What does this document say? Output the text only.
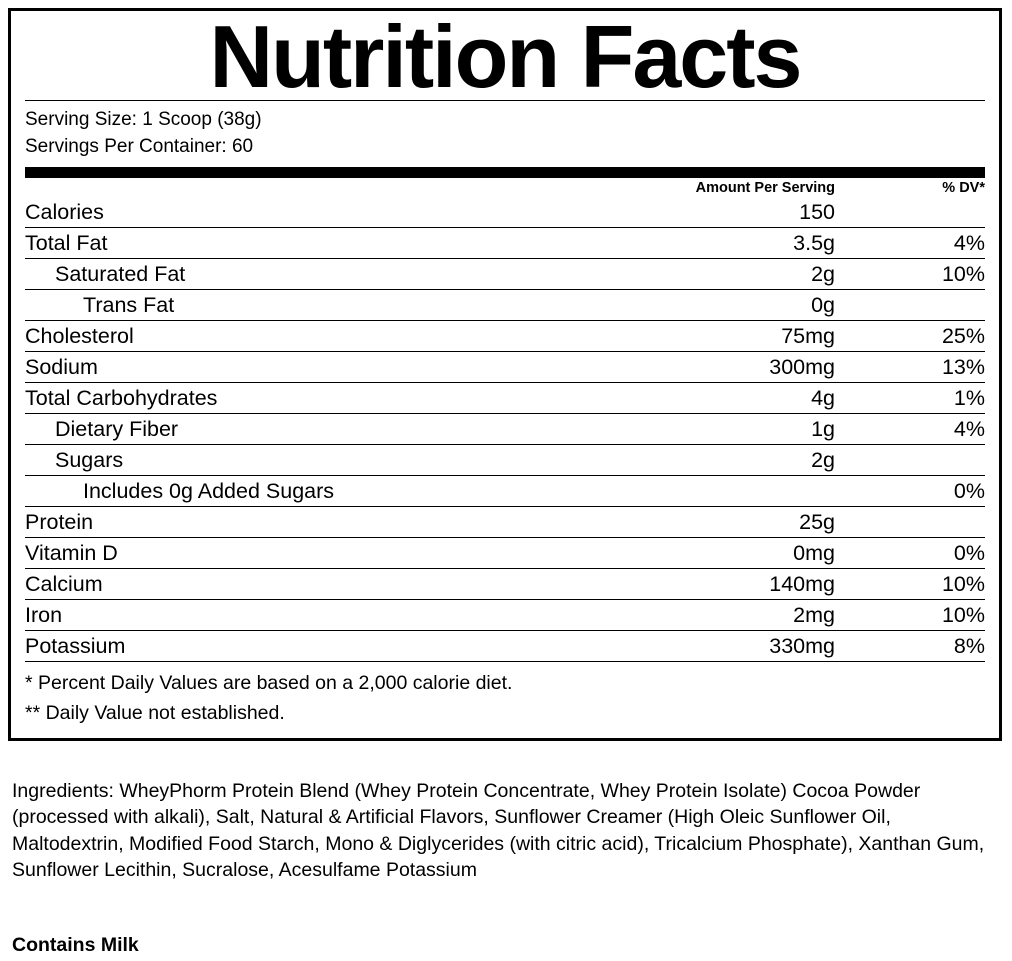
Nutrition Facts
Serving Size: 1 Scoop (38g)
Servings Per Container: 60
	Amount Per Serving	% DV*
Calories	150	
Total Fat	3.5g	4%
Saturated Fat	2g	10%
Trans Fat	0g	
Cholesterol	75mg	25%
Sodium	300mg	13%
Total Carbohydrates	4g	1%
Dietary Fiber	1g	4%
Sugars	2g	
Includes 0g Added Sugars		0%
Protein	25g	
Vitamin D	0mg	0%
Calcium	140mg	10%
Iron	2mg	10%
Potassium	330mg	8%
* Percent Daily Values are based on a 2,000 calorie diet.
** Daily Value not established.
Ingredients: WheyPhorm Protein Blend (Whey Protein Concentrate, Whey Protein Isolate) Cocoa Powder (processed with alkali), Salt, Natural & Artificial Flavors, Sunflower Creamer (High Oleic Sunflower Oil, Maltodextrin, Modified Food Starch, Mono & Diglycerides (with citric acid), Tricalcium Phosphate), Xanthan Gum, Sunflower Lecithin, Sucralose, Acesulfame Potassium
Contains Milk
